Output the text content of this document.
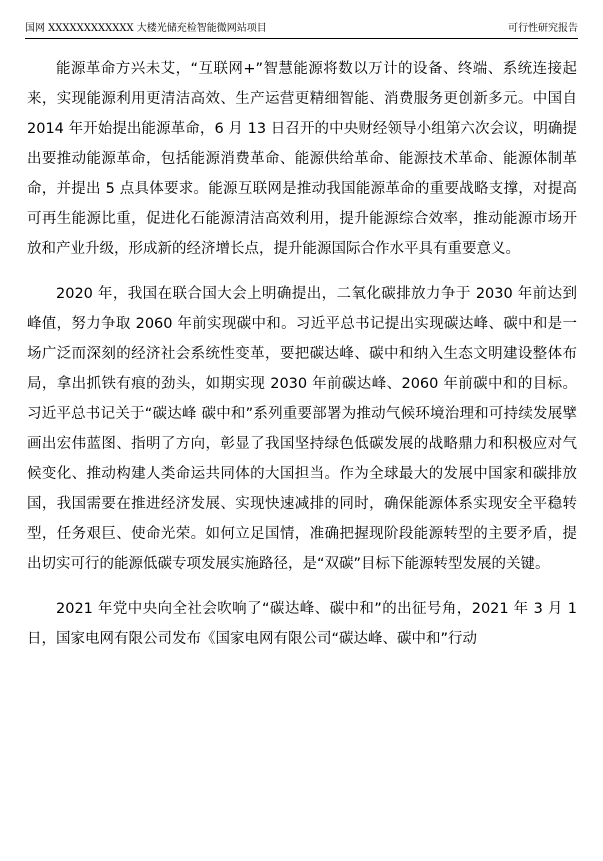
国网 XXXXXXXXXXXX 大楼光储充检智能微网站项目	可行性研究报告

能源革命方兴未艾，“互联网+”智慧能源将数以万计的设备、终端、系统连接起来，实现能源利用更清洁高效、生产运营更精细智能、消费服务更创新多元。中国自 2014 年开始提出能源革命，6 月 13 日召开的中央财经领导小组第六次会议，明确提出要推动能源革命，包括能源消费革命、能源供给革命、能源技术革命、能源体制革命，并提出 5 点具体要求。能源互联网是推动我国能源革命的重要战略支撑，对提高可再生能源比重，促进化石能源清洁高效利用，提升能源综合效率，推动能源市场开放和产业升级，形成新的经济增长点，提升能源国际合作水平具有重要意义。

2020 年，我国在联合国大会上明确提出，二氧化碳排放力争于 2030 年前达到峰值，努力争取 2060 年前实现碳中和。习近平总书记提出实现碳达峰、碳中和是一场广泛而深刻的经济社会系统性变革，要把碳达峰、碳中和纳入生态文明建设整体布局，拿出抓铁有痕的劲头，如期实现 2030 年前碳达峰、2060 年前碳中和的目标。习近平总书记关于“碳达峰 碳中和”系列重要部署为推动气候环境治理和可持续发展擘画出宏伟蓝图、指明了方向，彰显了我国坚持绿色低碳发展的战略鼎力和积极应对气候变化、推动构建人类命运共同体的大国担当。作为全球最大的发展中国家和碳排放国，我国需要在推进经济发展、实现快速减排的同时，确保能源体系实现安全平稳转型，任务艰巨、使命光荣。如何立足国情，准确把握现阶段能源转型的主要矛盾，提出切实可行的能源低碳专项发展实施路径，是“双碳”目标下能源转型发展的关键。

2021 年党中央向全社会吹响了“碳达峰、碳中和”的出征号角，2021 年 3 月 1 日，国家电网有限公司发布《国家电网有限公司“碳达峰、碳中和”行动
